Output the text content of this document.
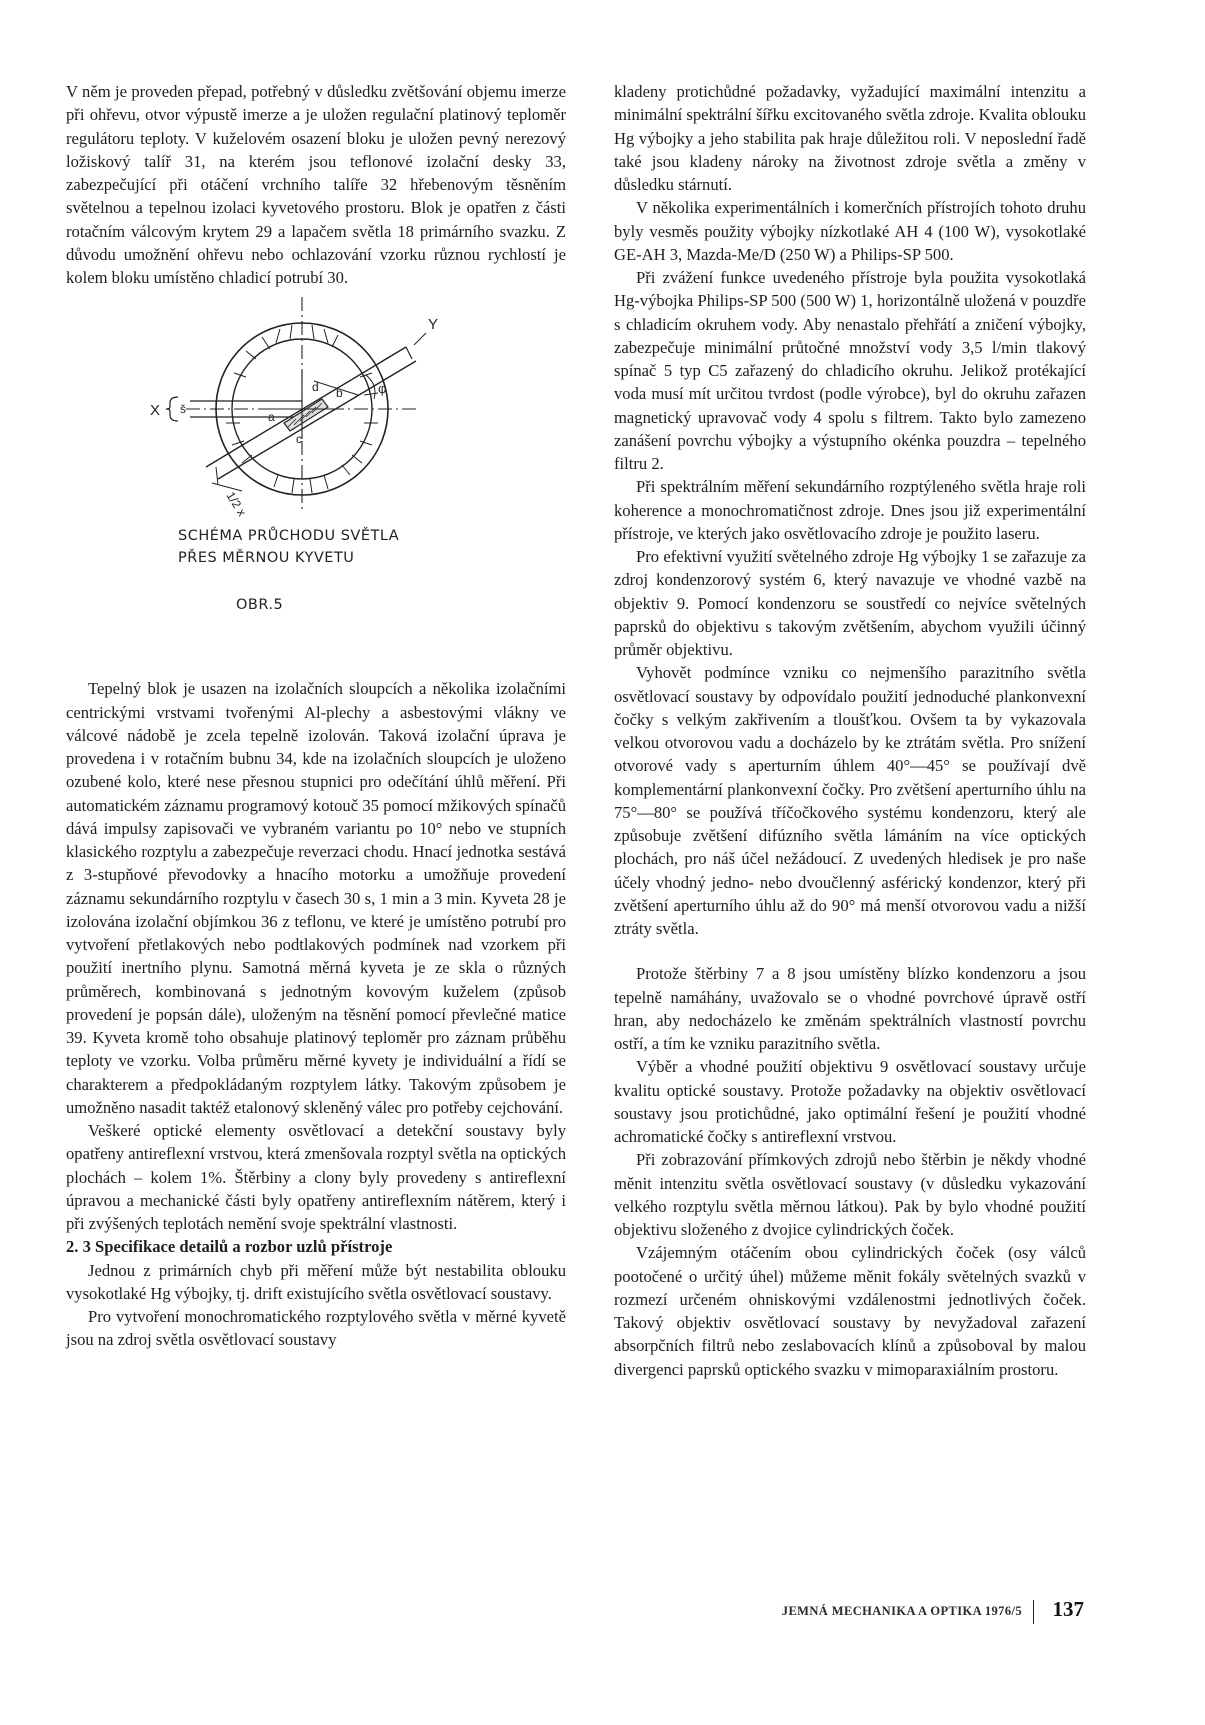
V něm je proveden přepad, potřebný v důsledku zvětšování objemu imerze při ohřevu, otvor výpustě imerze a je uložen regulační platinový teploměr regulátoru teploty. V kuželovém osazení bloku je uložen pevný nerezový ložiskový talíř 31, na kterém jsou teflonové izolační desky 33, zabezpečující při otáčení vrchního talíře 32 hřebenovým těsněním světelnou a tepelnou izolaci kyvetového prostoru. Blok je opatřen z části rotačním válcovým krytem 29 a lapačem světla 18 primárního svazku. Z důvodu umožnění ohřevu nebo ochlazování vzorku různou rychlostí je kolem bloku umístěno chladicí potrubí 30.

X š
Y
d
a
b
c
φ
1/2 x
SCHÉMA PRŮCHODU SVĚTLA
PŘES MĚRNOU KYVETU
OBR.5

Tepelný blok je usazen na izolačních sloupcích a několika izolačními centrickými vrstvami tvořenými Al-plechy a asbestovými vlákny ve válcové nádobě je zcela tepelně izolován. Taková izolační úprava je provedena i v rotačním bubnu 34, kde na izolačních sloupcích je uloženo ozubené kolo, které nese přesnou stupnici pro odečítání úhlů měření. Při automatickém záznamu programový kotouč 35 pomocí mžikových spínačů dává impulsy zapisovači ve vybraném variantu po 10° nebo ve stupních klasického rozptylu a zabezpečuje reverzaci chodu. Hnací jednotka sestává z 3-stupňové převodovky a hnacího motorku a umožňuje provedení záznamu sekundárního rozptylu v časech 30 s, 1 min a 3 min. Kyveta 28 je izolována izolační objímkou 36 z teflonu, ve které je umístěno potrubí pro vytvoření přetlakových nebo podtlakových podmínek nad vzorkem při použití inertního plynu. Samotná měrná kyveta je ze skla o různých průměrech, kombinovaná s jednotným kovovým kuželem (způsob provedení je popsán dále), uloženým na těsnění pomocí převlečné matice 39. Kyveta kromě toho obsahuje platinový teploměr pro záznam průběhu teploty ve vzorku. Volba průměru měrné kyvety je individuální a řídí se charakterem a předpokládaným rozptylem látky. Takovým způsobem je umožněno nasadit taktéž etalonový skleněný válec pro potřeby cejchování.

Veškeré optické elementy osvětlovací a detekční soustavy byly opatřeny antireflexní vrstvou, která zmenšovala rozptyl světla na optických plochách – kolem 1%. Štěrbiny a clony byly provedeny s antireflexní úpravou a mechanické části byly opatřeny antireflexním nátěrem, který i při zvýšených teplotách nemění svoje spektrální vlastnosti.

2. 3 Specifikace detailů a rozbor uzlů přístroje

Jednou z primárních chyb při měření může být nestabilita oblouku vysokotlaké Hg výbojky, tj. drift existujícího světla osvětlovací soustavy.

Pro vytvoření monochromatického rozptylového světla v měrné kyvetě jsou na zdroj světla osvětlovací soustavy

kladeny protichůdné požadavky, vyžadující maximální intenzitu a minimální spektrální šířku excitovaného světla zdroje. Kvalita oblouku Hg výbojky a jeho stabilita pak hraje důležitou roli. V neposlední řadě také jsou kladeny nároky na životnost zdroje světla a změny v důsledku stárnutí.

V několika experimentálních i komerčních přístrojích tohoto druhu byly vesměs použity výbojky nízkotlaké AH 4 (100 W), vysokotlaké GE-AH 3, Mazda-Me/D (250 W) a Philips-SP 500.

Při zvážení funkce uvedeného přístroje byla použita vysokotlaká Hg-výbojka Philips-SP 500 (500 W) 1, horizontálně uložená v pouzdře s chladicím okruhem vody. Aby nenastalo přehřátí a zničení výbojky, zabezpečuje minimální průtočné množství vody 3,5 l/min tlakový spínač 5 typ C5 zařazený do chladicího okruhu. Jelikož protékající voda musí mít určitou tvrdost (podle výrobce), byl do okruhu zařazen magnetický upravovač vody 4 spolu s filtrem. Takto bylo zamezeno zanášení povrchu výbojky a výstupního okénka pouzdra – tepelného filtru 2.

Při spektrálním měření sekundárního rozptýleného světla hraje roli koherence a monochromatičnost zdroje. Dnes jsou již experimentální přístroje, ve kterých jako osvětlovacího zdroje je použito laseru.

Pro efektivní využití světelného zdroje Hg výbojky 1 se zařazuje za zdroj kondenzorový systém 6, který navazuje ve vhodné vazbě na objektiv 9. Pomocí kondenzoru se soustředí co nejvíce světelných paprsků do objektivu s takovým zvětšením, abychom využili účinný průměr objektivu.

Vyhovět podmínce vzniku co nejmenšího parazitního světla osvětlovací soustavy by odpovídalo použití jednoduché plankonvexní čočky s velkým zakřivením a tloušťkou. Ovšem ta by vykazovala velkou otvorovou vadu a docházelo by ke ztrátám světla. Pro snížení otvorové vady s aperturním úhlem 40°—45° se používají dvě komplementární plankonvexní čočky. Pro zvětšení aperturního úhlu na 75°—80° se používá tříčočkového systému kondenzoru, který ale způsobuje zvětšení difúzního světla lámáním na více optických plochách, pro náš účel nežádoucí. Z uvedených hledisek je pro naše účely vhodný jedno- nebo dvoučlenný asférický kondenzor, který při zvětšení aperturního úhlu až do 90° má menší otvorovou vadu a nižší ztráty světla.

Protože štěrbiny 7 a 8 jsou umístěny blízko kondenzoru a jsou tepelně namáhány, uvažovalo se o vhodné povrchové úpravě ostří hran, aby nedocházelo ke změnám spektrálních vlastností povrchu ostří, a tím ke vzniku parazitního světla.

Výběr a vhodné použití objektivu 9 osvětlovací soustavy určuje kvalitu optické soustavy. Protože požadavky na objektiv osvětlovací soustavy jsou protichůdné, jako optimální řešení je použití vhodné achromatické čočky s antireflexní vrstvou.

Při zobrazování přímkových zdrojů nebo štěrbin je někdy vhodné měnit intenzitu světla osvětlovací soustavy (v důsledku vykazování velkého rozptylu světla měrnou látkou). Pak by bylo vhodné použití objektivu složeného z dvojice cylindrických čoček.

Vzájemným otáčením obou cylindrických čoček (osy válců pootočené o určitý úhel) můžeme měnit fokály světelných svazků v rozmezí určeném ohniskovými vzdálenostmi jednotlivých čoček. Takový objektiv osvětlovací soustavy by nevyžadoval zařazení absorpčních filtrů nebo zeslabovacích klínů a způsoboval by malou divergenci paprsků optického svazku v mimoparaxiálním prostoru.

JEMNÁ MECHANIKA A OPTIKA 1976/5 137
